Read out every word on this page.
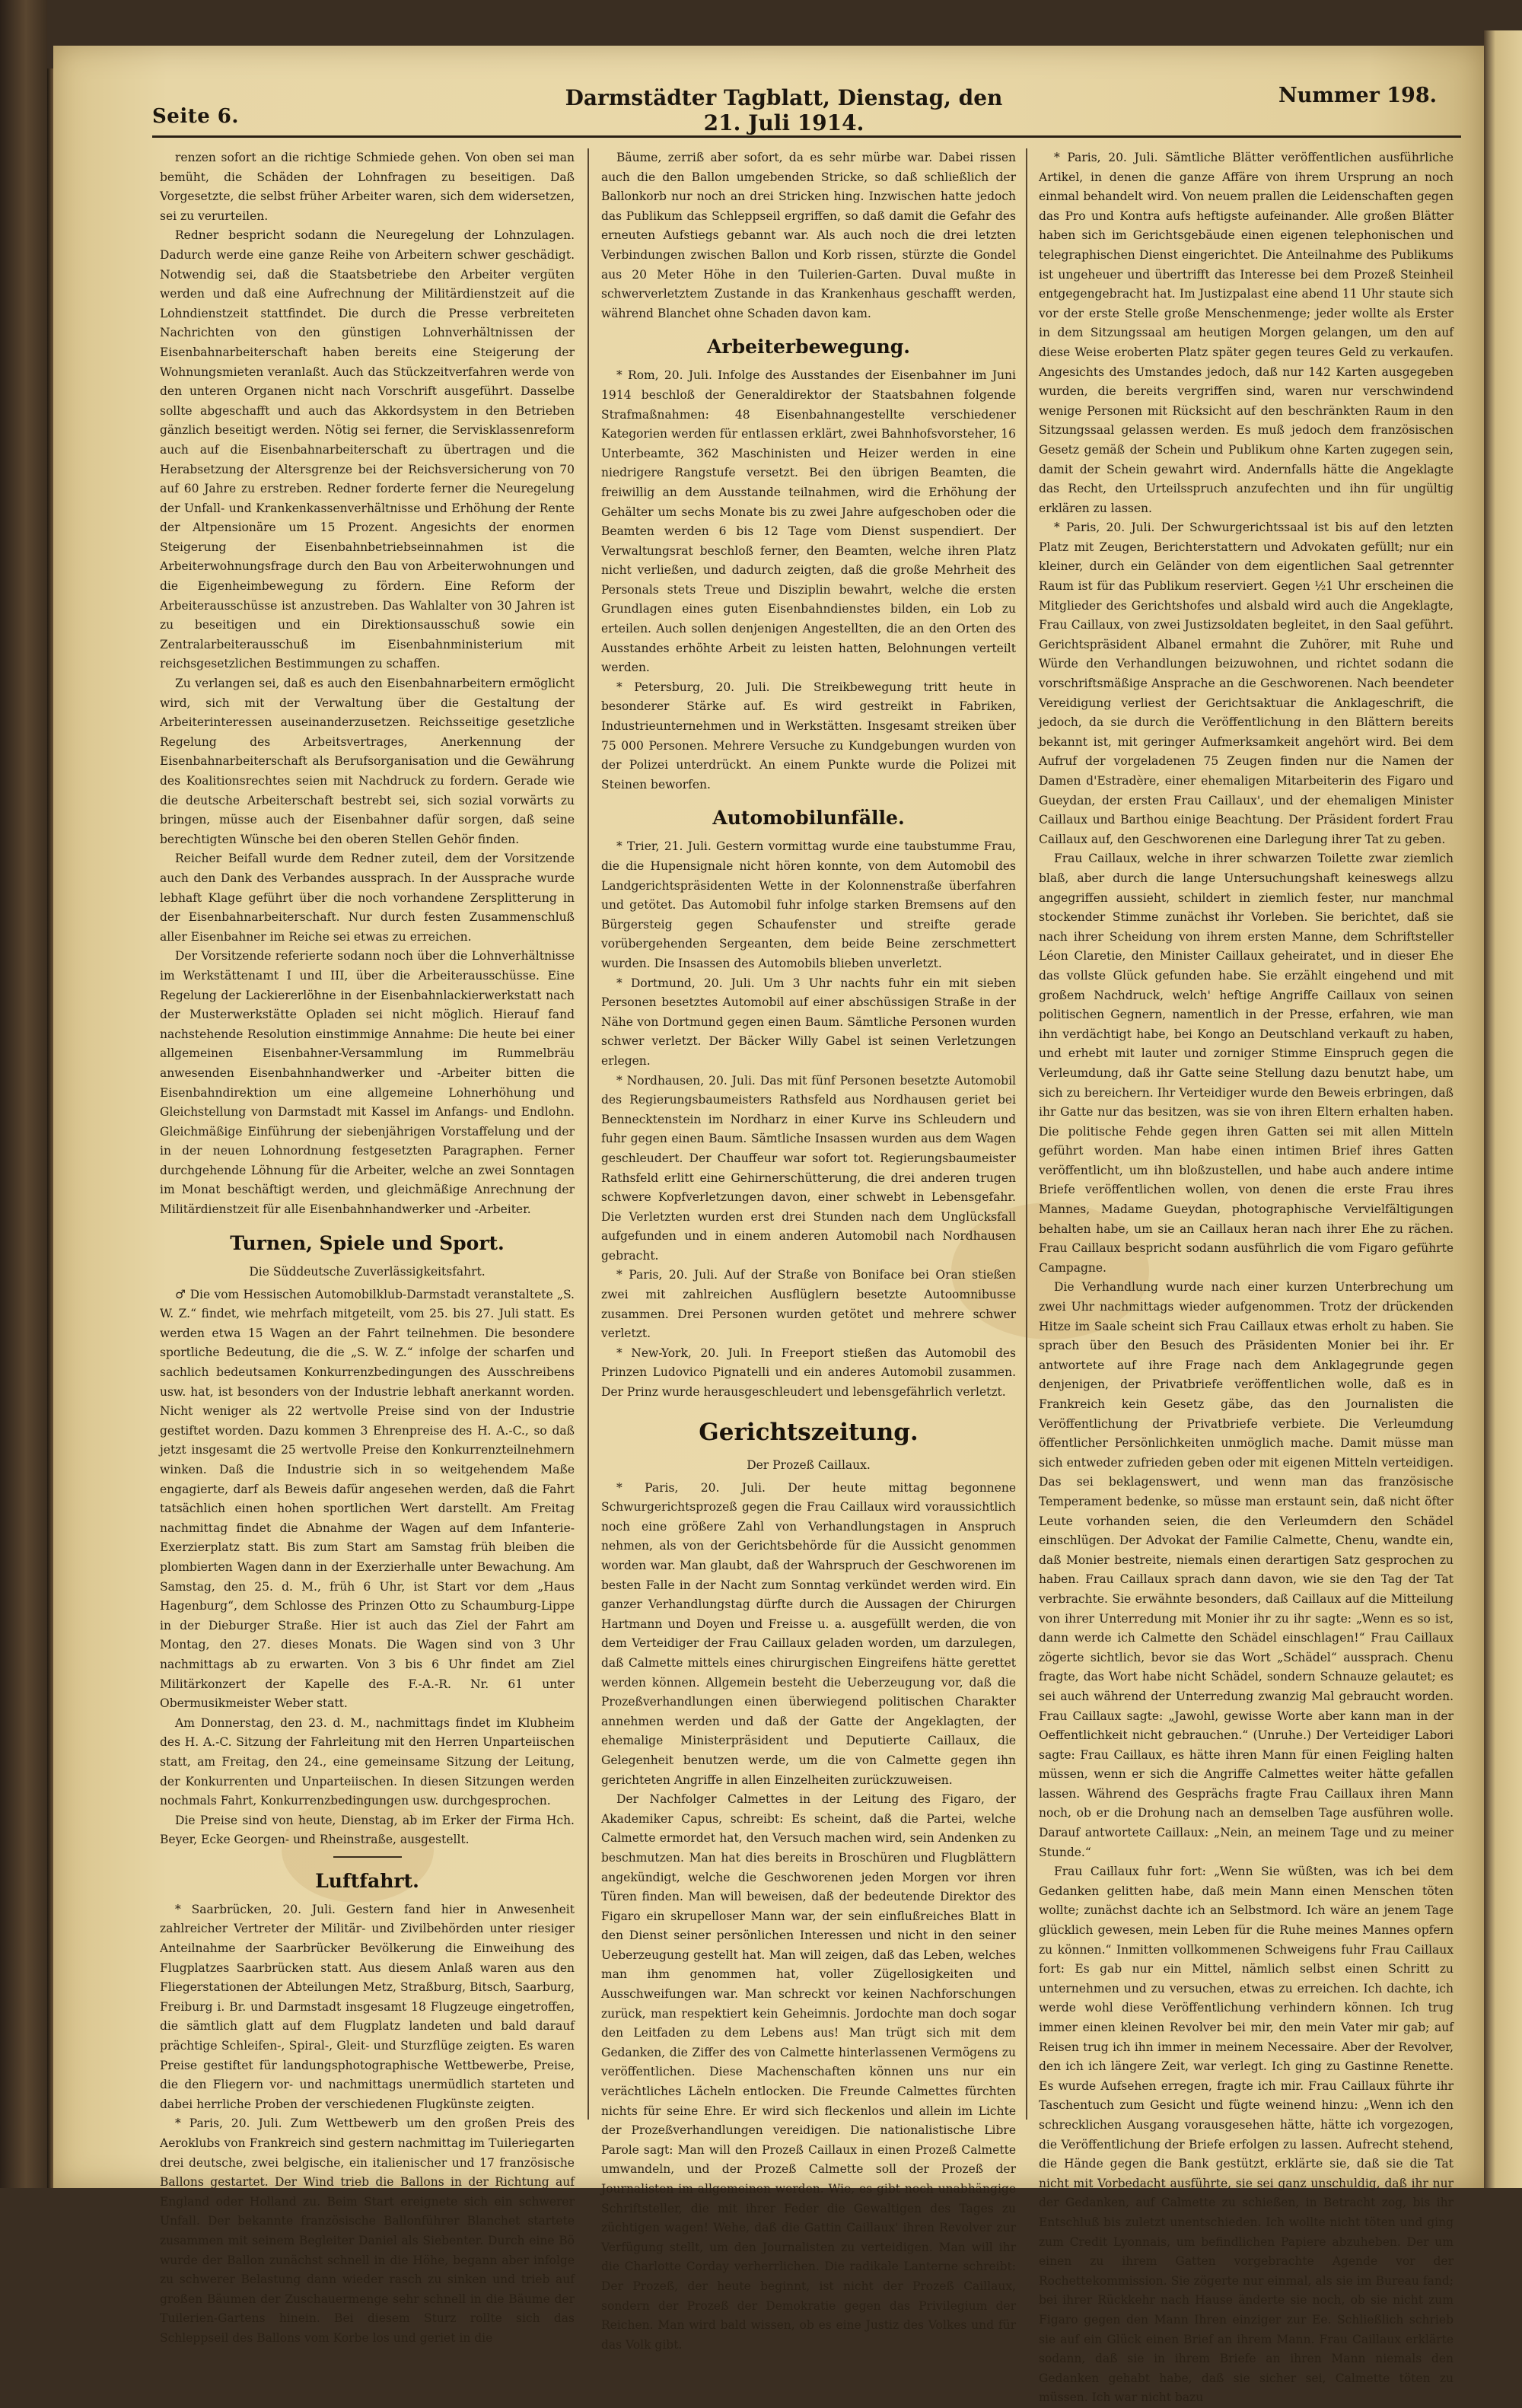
Seite 6.
Darmstädter Tagblatt, Dienstag, den 21. Juli 1914.
Nummer 198.

renzen sofort an die richtige Schmiede gehen. Von oben sei man bemüht, die Schäden der Lohnfragen zu beseitigen. Daß Vorgesetzte, die selbst früher Arbeiter waren, sich dem widersetzen, sei zu verurteilen.

Redner bespricht sodann die Neuregelung der Lohnzulagen. Dadurch werde eine ganze Reihe von Arbeitern schwer geschädigt. Notwendig sei, daß die Staatsbetriebe den Arbeiter vergüten werden und daß eine Aufrechnung der Militärdienstzeit auf die Lohndienstzeit stattfindet. Die durch die Presse verbreiteten Nachrichten von den günstigen Lohnverhältnissen der Eisenbahnarbeiterschaft haben bereits eine Steigerung der Wohnungsmieten veranlaßt. Auch das Stückzeitverfahren werde von den unteren Organen nicht nach Vorschrift ausgeführt. Dasselbe sollte abgeschafft und auch das Akkordsystem in den Betrieben gänzlich beseitigt werden. Nötig sei ferner, die Servisklassenreform auch auf die Eisenbahnarbeiterschaft zu übertragen und die Herabsetzung der Altersgrenze bei der Reichsversicherung von 70 auf 60 Jahre zu erstreben. Redner forderte ferner die Neuregelung der Unfall- und Krankenkassenverhältnisse und Erhöhung der Rente der Altpensionäre um 15 Prozent. Angesichts der enormen Steigerung der Eisenbahnbetriebseinnahmen ist die Arbeiterwohnungsfrage durch den Bau von Arbeiterwohnungen und die Eigenheimbewegung zu fördern. Eine Reform der Arbeiterausschüsse ist anzustreben. Das Wahlalter von 30 Jahren ist zu beseitigen und ein Direktionsausschuß sowie ein Zentralarbeiterausschuß im Eisenbahnministerium mit reichsgesetzlichen Bestimmungen zu schaffen.

Zu verlangen sei, daß es auch den Eisenbahnarbeitern ermöglicht wird, sich mit der Verwaltung über die Gestaltung der Arbeiterinteressen auseinanderzusetzen. Reichsseitige gesetzliche Regelung des Arbeitsvertrages, Anerkennung der Eisenbahnarbeiterschaft als Berufsorganisation und die Gewährung des Koalitionsrechtes seien mit Nachdruck zu fordern. Gerade wie die deutsche Arbeiterschaft bestrebt sei, sich sozial vorwärts zu bringen, müsse auch der Eisenbahner dafür sorgen, daß seine berechtigten Wünsche bei den oberen Stellen Gehör finden.

Reicher Beifall wurde dem Redner zuteil, dem der Vorsitzende auch den Dank des Verbandes aussprach. In der Aussprache wurde lebhaft Klage geführt über die noch vorhandene Zersplitterung in der Eisenbahnarbeiterschaft. Nur durch festen Zusammenschluß aller Eisenbahner im Reiche sei etwas zu erreichen.

Der Vorsitzende referierte sodann noch über die Lohnverhältnisse im Werkstättenamt I und III, über die Arbeiterausschüsse. Eine Regelung der Lackiererlöhne in der Eisenbahnlackierwerkstatt nach der Musterwerkstätte Opladen sei nicht möglich. Hierauf fand nachstehende Resolution einstimmige Annahme: Die heute bei einer allgemeinen Eisenbahner-Versammlung im Rummelbräu anwesenden Eisenbahnhandwerker und -Arbeiter bitten die Eisenbahndirektion um eine allgemeine Lohnerhöhung und Gleichstellung von Darmstadt mit Kassel im Anfangs- und Endlohn. Gleichmäßige Einführung der siebenjährigen Vorstaffelung und der in der neuen Lohnordnung festgesetzten Paragraphen. Ferner durchgehende Löhnung für die Arbeiter, welche an zwei Sonntagen im Monat beschäftigt werden, und gleichmäßige Anrechnung der Militärdienstzeit für alle Eisenbahnhandwerker und -Arbeiter.

Turnen, Spiele und Sport.
Die Süddeutsche Zuverlässigkeitsfahrt.

♂ Die vom Hessischen Automobilklub-Darmstadt veranstaltete „S. W. Z.“ findet, wie mehrfach mitgeteilt, vom 25. bis 27. Juli statt. Es werden etwa 15 Wagen an der Fahrt teilnehmen. Die besondere sportliche Bedeutung, die die „S. W. Z.“ infolge der scharfen und sachlich bedeutsamen Konkurrenzbedingungen des Ausschreibens usw. hat, ist besonders von der Industrie lebhaft anerkannt worden. Nicht weniger als 22 wertvolle Preise sind von der Industrie gestiftet worden. Dazu kommen 3 Ehrenpreise des H. A.-C., so daß jetzt insgesamt die 25 wertvolle Preise den Konkurrenzteilnehmern winken. Daß die Industrie sich in so weitgehendem Maße engagierte, darf als Beweis dafür angesehen werden, daß die Fahrt tatsächlich einen hohen sportlichen Wert darstellt. Am Freitag nachmittag findet die Abnahme der Wagen auf dem Infanterie-Exerzierplatz statt. Bis zum Start am Samstag früh bleiben die plombierten Wagen dann in der Exerzierhalle unter Bewachung. Am Samstag, den 25. d. M., früh 6 Uhr, ist Start vor dem „Haus Hagenburg“, dem Schlosse des Prinzen Otto zu Schaumburg-Lippe in der Dieburger Straße. Hier ist auch das Ziel der Fahrt am Montag, den 27. dieses Monats. Die Wagen sind von 3 Uhr nachmittags ab zu erwarten. Von 3 bis 6 Uhr findet am Ziel Militärkonzert der Kapelle des F.-A.-R. Nr. 61 unter Obermusikmeister Weber statt.

Am Donnerstag, den 23. d. M., nachmittags findet im Klubheim des H. A.-C. Sitzung der Fahrleitung mit den Herren Unparteiischen statt, am Freitag, den 24., eine gemeinsame Sitzung der Leitung, der Konkurrenten und Unparteiischen. In diesen Sitzungen werden nochmals Fahrt, Konkurrenzbedingungen usw. durchgesprochen.

Die Preise sind von heute, Dienstag, ab im Erker der Firma Hch. Beyer, Ecke Georgen- und Rheinstraße, ausgestellt.

Luftfahrt.

* Saarbrücken, 20. Juli. Gestern fand hier in Anwesenheit zahlreicher Vertreter der Militär- und Zivilbehörden unter riesiger Anteilnahme der Saarbrücker Bevölkerung die Einweihung des Flugplatzes Saarbrücken statt. Aus diesem Anlaß waren aus den Fliegerstationen der Abteilungen Metz, Straßburg, Bitsch, Saarburg, Freiburg i. Br. und Darmstadt insgesamt 18 Flugzeuge eingetroffen, die sämtlich glatt auf dem Flugplatz landeten und bald darauf prächtige Schleifen-, Spiral-, Gleit- und Sturzflüge zeigten. Es waren Preise gestiftet für landungsphotographische Wettbewerbe, Preise, die den Fliegern vor- und nachmittags unermüdlich starteten und dabei herrliche Proben der verschiedenen Flugkünste zeigten.

* Paris, 20. Juli. Zum Wettbewerb um den großen Preis des Aeroklubs von Frankreich sind gestern nachmittag im Tuileriegarten drei deutsche, zwei belgische, ein italienischer und 17 französische Ballons gestartet. Der Wind trieb die Ballons in der Richtung auf England oder Holland zu. Beim Start ereignete sich ein schwerer Unfall. Der bekannte französische Ballonführer Blanchet startete zusammen mit seinem Begleiter Daniel als Siebenter. Durch eine Bö wurde der Ballon zunächst schnell in die Höhe, begann aber infolge zu schwerer Belastung dann wieder rasch zu sinken und trieb auf großen Bäumen der Zuschauermenge sehr schnell in die Bäume der Tuilerien-Gartens hinein. Bei diesem Sturz rollte sich das Schleppseil des Ballons vom Korbe los und geriet in die

Bäume, zerriß aber sofort, da es sehr mürbe war. Dabei rissen auch die den Ballon umgebenden Stricke, so daß schließlich der Ballonkorb nur noch an drei Stricken hing. Inzwischen hatte jedoch das Publikum das Schleppseil ergriffen, so daß damit die Gefahr des erneuten Aufstiegs gebannt war. Als auch noch die drei letzten Verbindungen zwischen Ballon und Korb rissen, stürzte die Gondel aus 20 Meter Höhe in den Tuilerien-Garten. Duval mußte in schwerverletztem Zustande in das Krankenhaus geschafft werden, während Blanchet ohne Schaden davon kam.

Arbeiterbewegung.

* Rom, 20. Juli. Infolge des Ausstandes der Eisenbahner im Juni 1914 beschloß der Generaldirektor der Staatsbahnen folgende Strafmaßnahmen: 48 Eisenbahnangestellte verschiedener Kategorien werden für entlassen erklärt, zwei Bahnhofsvorsteher, 16 Unterbeamte, 362 Maschinisten und Heizer werden in eine niedrigere Rangstufe versetzt. Bei den übrigen Beamten, die freiwillig an dem Ausstande teilnahmen, wird die Erhöhung der Gehälter um sechs Monate bis zu zwei Jahre aufgeschoben oder die Beamten werden 6 bis 12 Tage vom Dienst suspendiert. Der Verwaltungsrat beschloß ferner, den Beamten, welche ihren Platz nicht verließen, und dadurch zeigten, daß die große Mehrheit des Personals stets Treue und Disziplin bewahrt, welche die ersten Grundlagen eines guten Eisenbahndienstes bilden, ein Lob zu erteilen. Auch sollen denjenigen Angestellten, die an den Orten des Ausstandes erhöhte Arbeit zu leisten hatten, Belohnungen verteilt werden.

* Petersburg, 20. Juli. Die Streikbewegung tritt heute in besonderer Stärke auf. Es wird gestreikt in Fabriken, Industrieunternehmen und in Werkstätten. Insgesamt streiken über 75 000 Personen. Mehrere Versuche zu Kundgebungen wurden von der Polizei unterdrückt. An einem Punkte wurde die Polizei mit Steinen beworfen.

Automobilunfälle.

* Trier, 21. Juli. Gestern vormittag wurde eine taubstumme Frau, die die Hupensignale nicht hören konnte, von dem Automobil des Landgerichtspräsidenten Wette in der Kolonnenstraße überfahren und getötet. Das Automobil fuhr infolge starken Bremsens auf den Bürgersteig gegen Schaufenster und streifte gerade vorübergehenden Sergeanten, dem beide Beine zerschmettert wurden. Die Insassen des Automobils blieben unverletzt.

* Dortmund, 20. Juli. Um 3 Uhr nachts fuhr ein mit sieben Personen besetztes Automobil auf einer abschüssigen Straße in der Nähe von Dortmund gegen einen Baum. Sämtliche Personen wurden schwer verletzt. Der Bäcker Willy Gabel ist seinen Verletzungen erlegen.

* Nordhausen, 20. Juli. Das mit fünf Personen besetzte Automobil des Regierungsbaumeisters Rathsfeld aus Nordhausen geriet bei Bennecktenstein im Nordharz in einer Kurve ins Schleudern und fuhr gegen einen Baum. Sämtliche Insassen wurden aus dem Wagen geschleudert. Der Chauffeur war sofort tot. Regierungsbaumeister Rathsfeld erlitt eine Gehirnerschütterung, die drei anderen trugen schwere Kopfverletzungen davon, einer schwebt in Lebensgefahr. Die Verletzten wurden erst drei Stunden nach dem Unglücksfall aufgefunden und in einem anderen Automobil nach Nordhausen gebracht.

* Paris, 20. Juli. Auf der Straße von Boniface bei Oran stießen zwei mit zahlreichen Ausflüglern besetzte Autoomnibusse zusammen. Drei Personen wurden getötet und mehrere schwer verletzt.

* New-York, 20. Juli. In Freeport stießen das Automobil des Prinzen Ludovico Pignatelli und ein anderes Automobil zusammen. Der Prinz wurde herausgeschleudert und lebensgefährlich verletzt.

Gerichtszeitung.
Der Prozeß Caillaux.

* Paris, 20. Juli. Der heute mittag begonnene Schwurgerichtsprozeß gegen die Frau Caillaux wird voraussichtlich noch eine größere Zahl von Verhandlungstagen in Anspruch nehmen, als von der Gerichtsbehörde für die Aussicht genommen worden war. Man glaubt, daß der Wahrspruch der Geschworenen im besten Falle in der Nacht zum Sonntag verkündet werden wird. Ein ganzer Verhandlungstag dürfte durch die Aussagen der Chirurgen Hartmann und Doyen und Freisse u. a. ausgefüllt werden, die von dem Verteidiger der Frau Caillaux geladen worden, um darzulegen, daß Calmette mittels eines chirurgischen Eingreifens hätte gerettet werden können. Allgemein besteht die Ueberzeugung vor, daß die Prozeßverhandlungen einen überwiegend politischen Charakter annehmen werden und daß der Gatte der Angeklagten, der ehemalige Ministerpräsident und Deputierte Caillaux, die Gelegenheit benutzen werde, um die von Calmette gegen ihn gerichteten Angriffe in allen Einzelheiten zurückzuweisen.

Der Nachfolger Calmettes in der Leitung des Figaro, der Akademiker Capus, schreibt: Es scheint, daß die Partei, welche Calmette ermordet hat, den Versuch machen wird, sein Andenken zu beschmutzen. Man hat dies bereits in Broschüren und Flugblättern angekündigt, welche die Geschworenen jeden Morgen vor ihren Türen finden. Man will beweisen, daß der bedeutende Direktor des Figaro ein skrupelloser Mann war, der sein einflußreiches Blatt in den Dienst seiner persönlichen Interessen und nicht in den seiner Ueberzeugung gestellt hat. Man will zeigen, daß das Leben, welches man ihm genommen hat, voller Zügellosigkeiten und Ausschweifungen war. Man schreckt vor keinen Nachforschungen zurück, man respektiert kein Geheimnis. Jordochte man doch sogar den Leitfaden zu dem Lebens aus! Man trügt sich mit dem Gedanken, die Ziffer des von Calmette hinterlassenen Vermögens zu veröffentlichen. Diese Machenschaften können uns nur ein verächtliches Lächeln entlocken. Die Freunde Calmettes fürchten nichts für seine Ehre. Er wird sich fleckenlos und allein im Lichte der Prozeßverhandlungen vereidigen. Die nationalistische Libre Parole sagt: Man will den Prozeß Caillaux in einen Prozeß Calmette umwandeln, und der Prozeß Calmette soll der Prozeß der Journalisten im allgemeinen werden. Wie, es gibt noch unabhängige Schriftsteller, die mit ihrer Feder die Gewaltigen des Tages zu züchtigen wagen! Wehe, daß die Gattin Caillaux' ihren Revolver zur Verfügung stellt, um den Journalisten zu verteidigen. Man will ihr die Charlotte Corday verherrlichen. Die radikale Lanterne schreibt: Der Prozeß, der heute beginnt, ist nicht der Prozeß Caillaux, sondern der Prozeß der Demokratie gegen das Privilegium der Reichen. Man wird bald wissen, ob es eine Justiz des Volkes und für das Volk gibt.

* Paris, 20. Juli. Sämtliche Blätter veröffentlichen ausführliche Artikel, in denen die ganze Affäre von ihrem Ursprung an noch einmal behandelt wird. Von neuem prallen die Leidenschaften gegen das Pro und Kontra aufs heftigste aufeinander. Alle großen Blätter haben sich im Gerichtsgebäude einen eigenen telephonischen und telegraphischen Dienst eingerichtet. Die Anteilnahme des Publikums ist ungeheuer und übertrifft das Interesse bei dem Prozeß Steinheil entgegengebracht hat. Im Justizpalast eine abend 11 Uhr staute sich vor der erste Stelle große Menschenmenge; jeder wollte als Erster in dem Sitzungssaal am heutigen Morgen gelangen, um den auf diese Weise eroberten Platz später gegen teures Geld zu verkaufen. Angesichts des Umstandes jedoch, daß nur 142 Karten ausgegeben wurden, die bereits vergriffen sind, waren nur verschwindend wenige Personen mit Rücksicht auf den beschränkten Raum in den Sitzungssaal gelassen werden. Es muß jedoch dem französischen Gesetz gemäß der Schein und Publikum ohne Karten zugegen sein, damit der Schein gewahrt wird. Andernfalls hätte die Angeklagte das Recht, den Urteilsspruch anzufechten und ihn für ungültig erklären zu lassen.

* Paris, 20. Juli. Der Schwurgerichtssaal ist bis auf den letzten Platz mit Zeugen, Berichterstattern und Advokaten gefüllt; nur ein kleiner, durch ein Geländer von dem eigentlichen Saal getrennter Raum ist für das Publikum reserviert. Gegen ½1 Uhr erscheinen die Mitglieder des Gerichtshofes und alsbald wird auch die Angeklagte, Frau Caillaux, von zwei Justizsoldaten begleitet, in den Saal geführt. Gerichtspräsident Albanel ermahnt die Zuhörer, mit Ruhe und Würde den Verhandlungen beizuwohnen, und richtet sodann die vorschriftsmäßige Ansprache an die Geschworenen. Nach beendeter Vereidigung verliest der Gerichtsaktuar die Anklageschrift, die jedoch, da sie durch die Veröffentlichung in den Blättern bereits bekannt ist, mit geringer Aufmerksamkeit angehört wird. Bei dem Aufruf der vorgeladenen 75 Zeugen finden nur die Namen der Damen d'Estradère, einer ehemaligen Mitarbeiterin des Figaro und Gueydan, der ersten Frau Caillaux', und der ehemaligen Minister Caillaux und Barthou einige Beachtung. Der Präsident fordert Frau Caillaux auf, den Geschworenen eine Darlegung ihrer Tat zu geben.

Frau Caillaux, welche in ihrer schwarzen Toilette zwar ziemlich blaß, aber durch die lange Untersuchungshaft keineswegs allzu angegriffen aussieht, schildert in ziemlich fester, nur manchmal stockender Stimme zunächst ihr Vorleben. Sie berichtet, daß sie nach ihrer Scheidung von ihrem ersten Manne, dem Schriftsteller Léon Claretie, den Minister Caillaux geheiratet, und in dieser Ehe das vollste Glück gefunden habe. Sie erzählt eingehend und mit großem Nachdruck, welch' heftige Angriffe Caillaux von seinen politischen Gegnern, namentlich in der Presse, erfahren, wie man ihn verdächtigt habe, bei Kongo an Deutschland verkauft zu haben, und erhebt mit lauter und zorniger Stimme Einspruch gegen die Verleumdung, daß ihr Gatte seine Stellung dazu benutzt habe, um sich zu bereichern. Ihr Verteidiger wurde den Beweis erbringen, daß ihr Gatte nur das besitzen, was sie von ihren Eltern erhalten haben. Die politische Fehde gegen ihren Gatten sei mit allen Mitteln geführt worden. Man habe einen intimen Brief ihres Gatten veröffentlicht, um ihn bloßzustellen, und habe auch andere intime Briefe veröffentlichen wollen, von denen die erste Frau ihres Mannes, Madame Gueydan, photographische Vervielfältigungen behalten habe, um sie an Caillaux heran nach ihrer Ehe zu rächen. Frau Caillaux bespricht sodann ausführlich die vom Figaro geführte Campagne.

Die Verhandlung wurde nach einer kurzen Unterbrechung um zwei Uhr nachmittags wieder aufgenommen. Trotz der drückenden Hitze im Saale scheint sich Frau Caillaux etwas erholt zu haben. Sie sprach über den Besuch des Präsidenten Monier bei ihr. Er antwortete auf ihre Frage nach dem Anklagegrunde gegen denjenigen, der Privatbriefe veröffentlichen wolle, daß es in Frankreich kein Gesetz gäbe, das den Journalisten die Veröffentlichung der Privatbriefe verbiete. Die Verleumdung öffentlicher Persönlichkeiten unmöglich mache. Damit müsse man sich entweder zufrieden geben oder mit eigenen Mitteln verteidigen. Das sei beklagenswert, und wenn man das französische Temperament bedenke, so müsse man erstaunt sein, daß nicht öfter Leute vorhanden seien, die den Verleumdern den Schädel einschlügen. Der Advokat der Familie Calmette, Chenu, wandte ein, daß Monier bestreite, niemals einen derartigen Satz gesprochen zu haben. Frau Caillaux sprach dann davon, wie sie den Tag der Tat verbrachte. Sie erwähnte besonders, daß Caillaux auf die Mitteilung von ihrer Unterredung mit Monier ihr zu ihr sagte: „Wenn es so ist, dann werde ich Calmette den Schädel einschlagen!“ Frau Caillaux zögerte sichtlich, bevor sie das Wort „Schädel“ aussprach. Chenu fragte, das Wort habe nicht Schädel, sondern Schnauze gelautet; es sei auch während der Unterredung zwanzig Mal gebraucht worden. Frau Caillaux sagte: „Jawohl, gewisse Worte aber kann man in der Oeffentlichkeit nicht gebrauchen.“ (Unruhe.) Der Verteidiger Labori sagte: Frau Caillaux, es hätte ihren Mann für einen Feigling halten müssen, wenn er sich die Angriffe Calmettes weiter hätte gefallen lassen. Während des Gesprächs fragte Frau Caillaux ihren Mann noch, ob er die Drohung nach an demselben Tage ausführen wolle. Darauf antwortete Caillaux: „Nein, an meinem Tage und zu meiner Stunde.“

Frau Caillaux fuhr fort: „Wenn Sie wüßten, was ich bei dem Gedanken gelitten habe, daß mein Mann einen Menschen töten wollte; zunächst dachte ich an Selbstmord. Ich wäre an jenem Tage glücklich gewesen, mein Leben für die Ruhe meines Mannes opfern zu können.“ Inmitten vollkommenen Schweigens fuhr Frau Caillaux fort: Es gab nur ein Mittel, nämlich selbst einen Schritt zu unternehmen und zu versuchen, etwas zu erreichen. Ich dachte, ich werde wohl diese Veröffentlichung verhindern können. Ich trug immer einen kleinen Revolver bei mir, den mein Vater mir gab; auf Reisen trug ich ihn immer in meinem Necessaire. Aber der Revolver, den ich ich längere Zeit, war verlegt. Ich ging zu Gastinne Renette. Es wurde Aufsehen erregen, fragte ich mir. Frau Caillaux führte ihr Taschentuch zum Gesicht und fügte weinend hinzu: „Wenn ich den schrecklichen Ausgang vorausgesehen hätte, hätte ich vorgezogen, die Veröffentlichung der Briefe erfolgen zu lassen. Aufrecht stehend, die Hände gegen die Bank gestützt, erklärte sie, daß sie die Tat nicht mit Vorbedacht ausführte, sie sei ganz unschuldig, daß ihr nur der Gedanken, auf Calmette zu schießen, in Betracht zog, bis ihr Entschluß bis zuletzt unentschieden. Ich wollte nicht töten und ging zum Credit Lyonnais, um befindlichen Papiere abzuheben. Der um einen zu ihrem Gatten vorgebrachte Agende vor der Rochettekommission. Sie zögerte nur einmal, als sie im Bureau fand; bei ihrer Rückkehr nach Hause änderte sie noch, ob sie nicht zum Figaro gegen den Mann Ihren einziger zur Ee. Schließlich schrieb sie auf ein Glück einen Brief an ihrem Mann. Frau Caillaux erklärte sodann, daß sie in ihrem Briefe an ihren Mann niemals den Gedanken gehabt habe, daß sie sicher sei, Calmette töten zu müssen. Ich war nicht bazu
